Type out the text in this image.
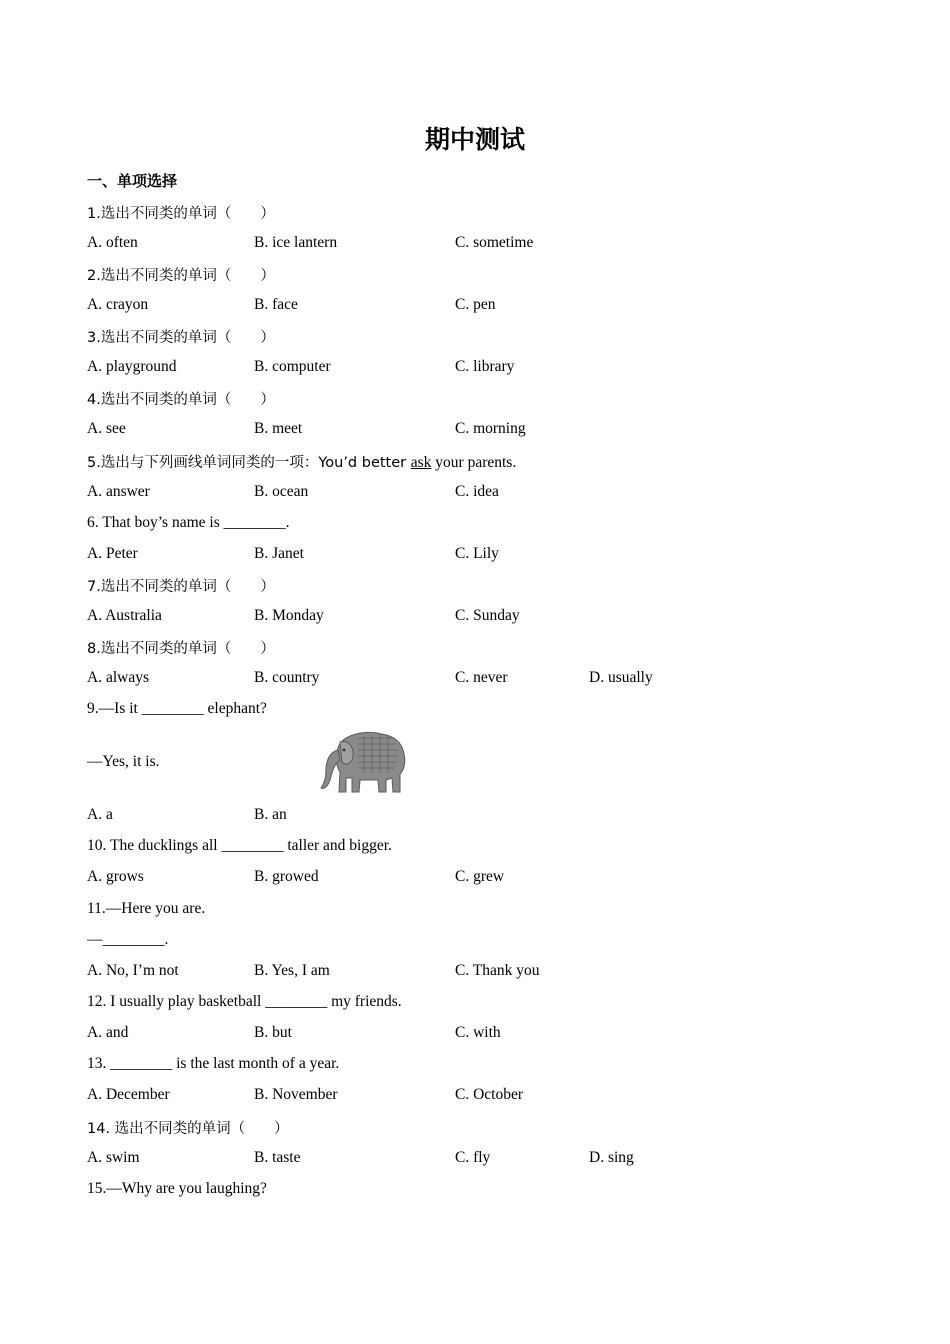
期中测试
一、单项选择
1.选出不同类的单词（　　）
A. often	B. ice lantern	C. sometime
2.选出不同类的单词（　　）
A. crayon	B. face	C. pen
3.选出不同类的单词（　　）
A. playground	B. computer	C. library
4.选出不同类的单词（　　）
A. see	B. meet	C. morning
5.选出与下列画线单词同类的一项：You’d better ask your parents.
A. answer	B. ocean	C. idea
6. That boy’s name is ________.
A. Peter	B. Janet	C. Lily
7.选出不同类的单词（　　）
A. Australia	B. Monday	C. Sunday
8.选出不同类的单词（　　）
A. always	B. country	C. never	D. usually
9.—Is it ________ elephant?
—Yes, it is.
A. a	B. an
10. The ducklings all ________ taller and bigger.
A. grows	B. growed	C. grew
11.—Here you are.
—________.
A. No, I’m not	B. Yes, I am	C. Thank you
12. I usually play basketball ________ my friends.
A. and	B. but	C. with
13. ________ is the last month of a year.
A. December	B. November	C. October
14. 选出不同类的单词（　　）
A. swim	B. taste	C. fly	D. sing
15.—Why are you laughing?
